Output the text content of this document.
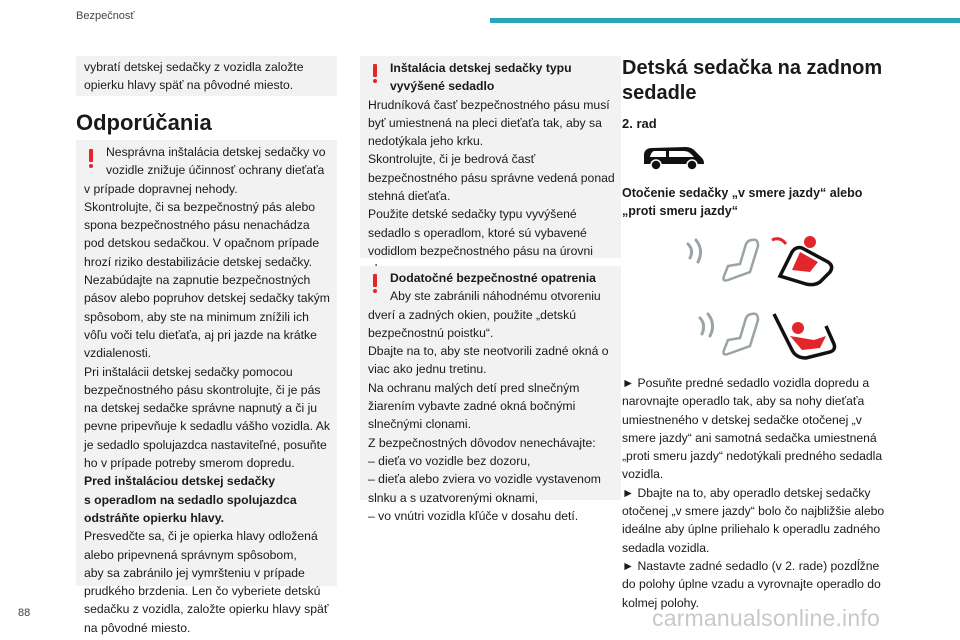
Bezpečnosť
vybratí detskej sedačky z vozidla založte
opierku hlavy späť na pôvodné miesto.
Odporúčania
Nesprávna inštalácia detskej sedačky vo
vozidle znižuje účinnosť ochrany dieťaťa
v prípade dopravnej nehody.
Skontrolujte, či sa bezpečnostný pás alebo
spona bezpečnostného pásu nenachádza
pod detskou sedačkou. V opačnom prípade
hrozí riziko destabilizácie detskej sedačky.
Nezabúdajte na zapnutie bezpečnostných
pásov alebo popruhov detskej sedačky takým
spôsobom, aby ste na minimum znížili ich
vôľu voči telu dieťaťa, aj pri jazde na krátke
vzdialenosti.
Pri inštalácii detskej sedačky pomocou
bezpečnostného pásu skontrolujte, či je pás
na detskej sedačke správne napnutý a či ju
pevne pripevňuje k sedadlu vášho vozidla. Ak
je sedadlo spolujazdca nastaviteľné, posuňte
ho v prípade potreby smerom dopredu.
Pred inštaláciou detskej sedačky
s operadlom na sedadlo spolujazdca
odstráňte opierku hlavy.
Presvedčte sa, či je opierka hlavy odložená
alebo pripevnená správnym spôsobom,
aby sa zabránilo jej vymršteniu v prípade
prudkého brzdenia. Len čo vyberiete detskú
sedačku z vozidla, založte opierku hlavy späť
na pôvodné miesto.
Inštalácia detskej sedačky typu
vyvýšené sedadlo
Hrudníková časť bezpečnostného pásu musí
byť umiestnená na pleci dieťaťa tak, aby sa
nedotýkala jeho krku.
Skontrolujte, či je bedrová časť
bezpečnostného pásu správne vedená ponad
stehná dieťaťa.
Použite detské sedačky typu vyvýšené
sedadlo s operadlom, ktoré sú vybavené
vodidlom bezpečnostného pásu na úrovni
Dodatočné bezpečnostné opatrenia
Aby ste zabránili náhodnému otvoreniu
dverí a zadných okien, použite „detskú
bezpečnostnú poistku“.
Dbajte na to, aby ste neotvorili zadné okná o
viac ako jednu tretinu.
Na ochranu malých detí pred slnečným
žiarením vybavte zadné okná bočnými
slnečnými clonami.
Z bezpečnostných dôvodov nenechávajte:
– dieťa vo vozidle bez dozoru,
– dieťa alebo zviera vo vozidle vystavenom
slnku a s uzatvorenými oknami,
– vo vnútri vozidla kľúče v dosahu detí.
Detská sedačka na zadnom
sedadle
2. rad
Otočenie sedačky „v smere jazdy“ alebo
„proti smeru jazdy“

► Posuňte predné sedadlo vozidla dopredu a

narovnajte operadlo tak, aby sa nohy dieťaťa

umiestneného v detskej sedačke otočenej „v

smere jazdy“ ani samotná sedačka umiestnená

„proti smeru jazdy“ nedotýkali predného sedadla

vozidla.

► Dbajte na to, aby operadlo detskej sedačky

otočenej „v smere jazdy“ bolo čo najbližšie alebo

ideálne aby úplne priliehalo k operadlu zadného

sedadla vozidla.

► Nastavte zadné sedadlo (v 2. rade) pozdĺžne

do polohy úplne vzadu a vyrovnajte operadlo do

kolmej polohy.

88	carmanualsonline.info
